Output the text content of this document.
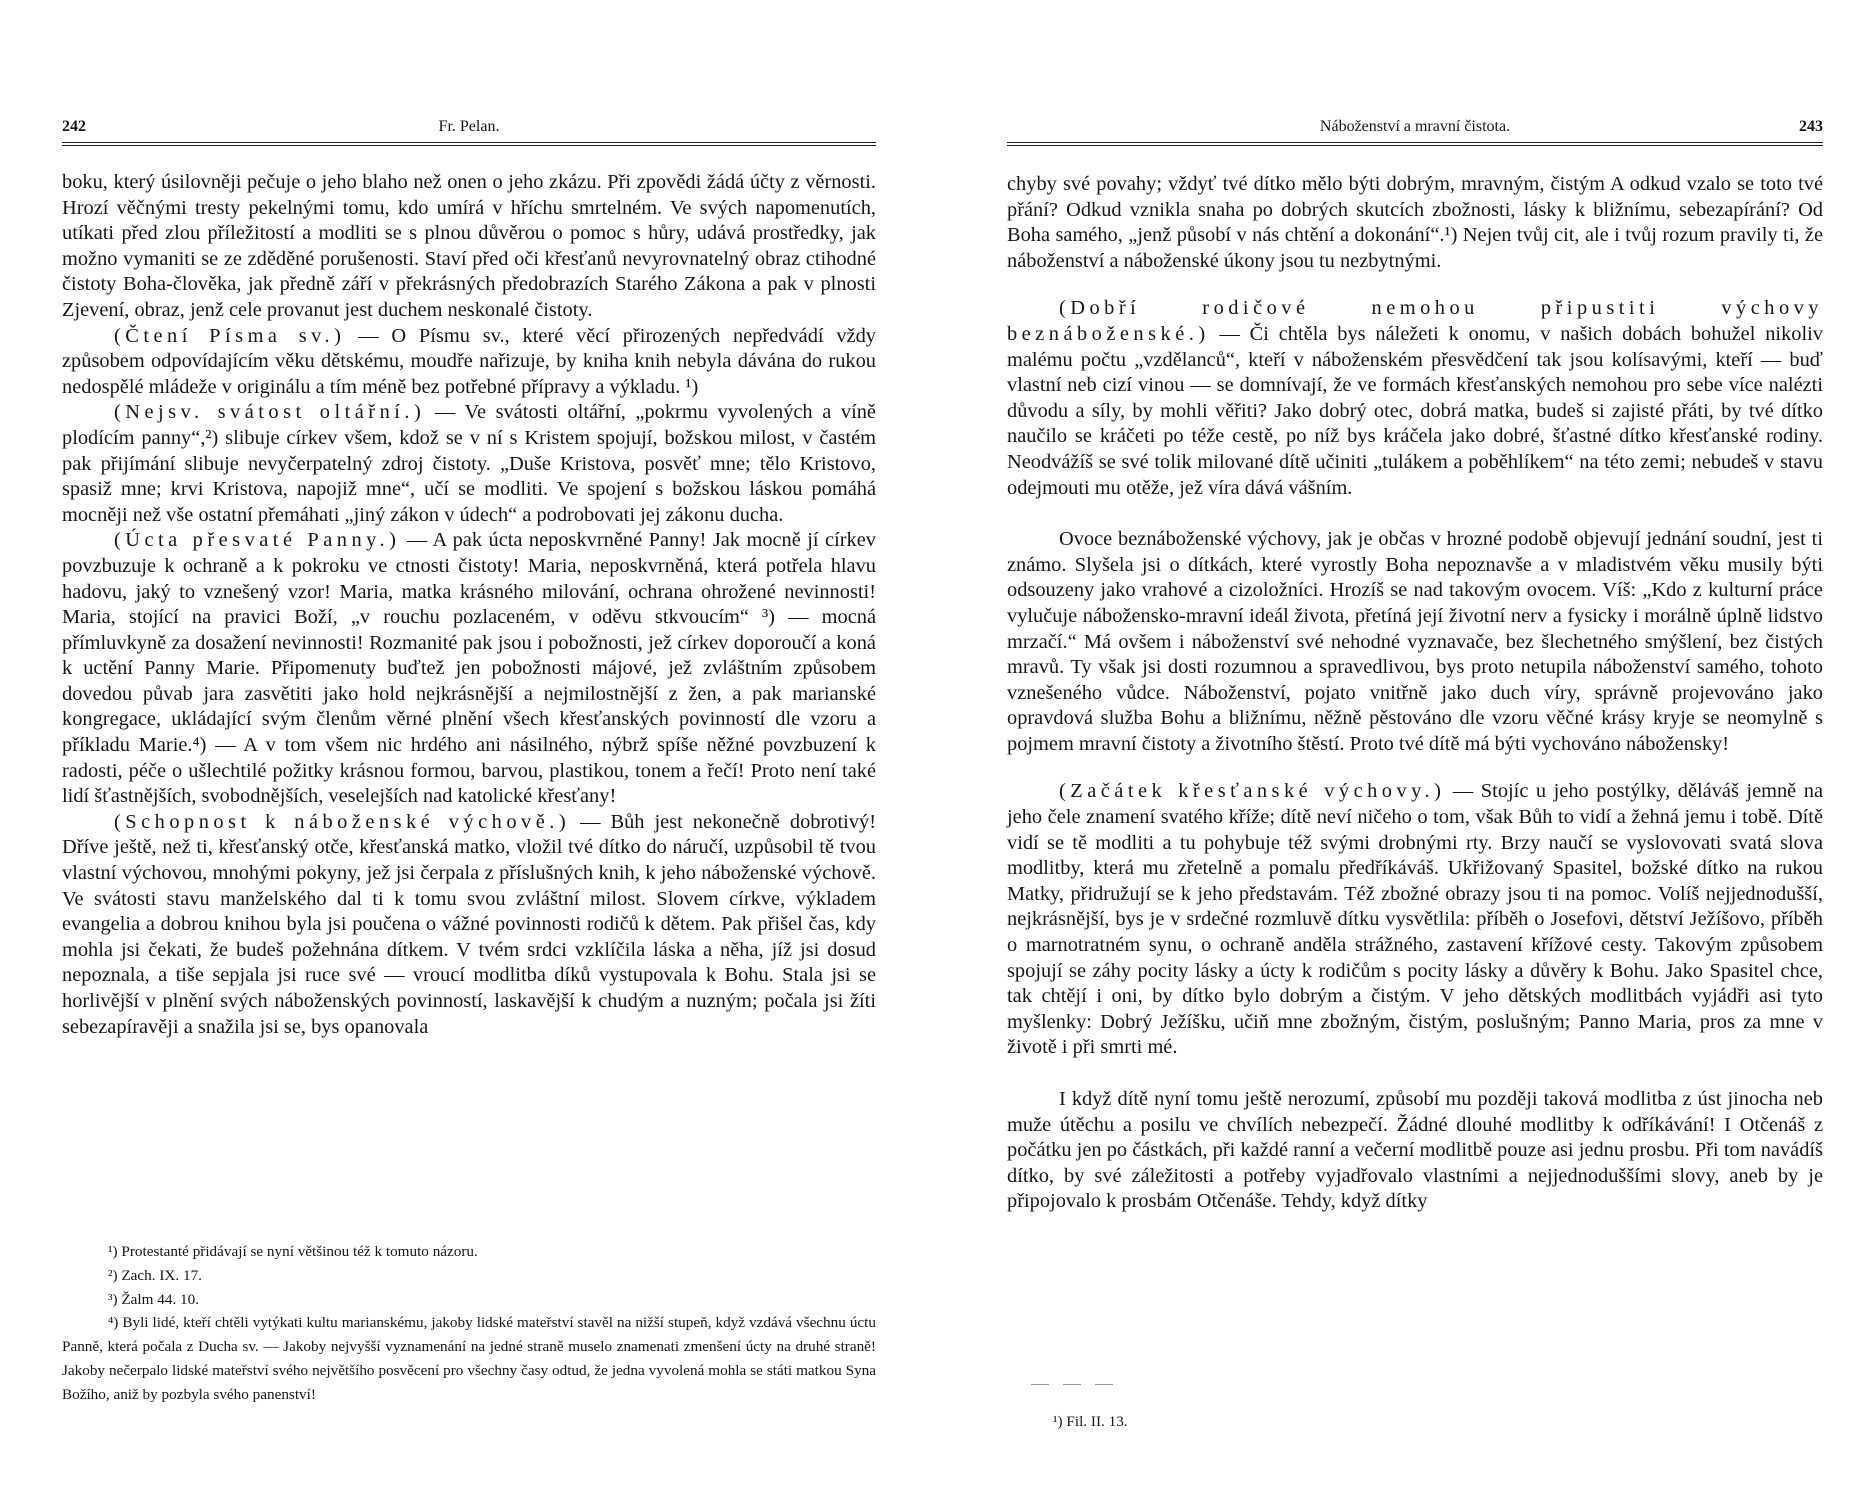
242	Fr. Pelan.

boku, který úsilovněji pečuje o jeho blaho než onen o jeho zkázu. Při zpovědi žádá účty z věrnosti. Hrozí věčnými tresty pekelnými tomu, kdo umírá v hříchu smrtelném. Ve svých napomenutích, utíkati před zlou příležitostí a modliti se s plnou důvěrou o pomoc s hůry, udává prostředky, jak možno vymaniti se ze zděděné porušenosti. Staví před oči křesťanů nevyrovnatelný obraz ctihodné čistoty Boha-člověka, jak předně září v překrásných předobrazích Starého Zákona a pak v plnosti Zjevení, obraz, jenž cele provanut jest duchem neskonalé čistoty.

(Čtení Písma sv.) — O Písmu sv., které věcí přirozených nepředvádí vždy způsobem odpovídajícím věku dětskému, moudře nařizuje, by kniha knih nebyla dávána do rukou nedospělé mládeže v originálu a tím méně bez potřebné přípravy a výkladu. ¹)

(Nejsv. svátost oltářní.) — Ve svátosti oltářní, „pokrmu vyvolených a víně plodícím panny“,²) slibuje církev všem, kdož se v ní s Kristem spojují, božskou milost, v častém pak přijímání slibuje nevyčerpatelný zdroj čistoty. „Duše Kristova, posvěť mne; tělo Kristovo, spasiž mne; krvi Kristova, napojiž mne“, učí se modliti. Ve spojení s božskou láskou pomáhá mocněji než vše ostatní přemáhati „jiný zákon v údech“ a podrobovati jej zákonu ducha.

(Úcta přesvaté Panny.) — A pak úcta neposkvrněné Panny! Jak mocně jí církev povzbuzuje k ochraně a k pokroku ve ctnosti čistoty! Maria, neposkvrněná, která potřela hlavu hadovu, jaký to vznešený vzor! Maria, matka krásného milování, ochrana ohrožené nevinnosti! Maria, stojící na pravici Boží, „v rouchu pozlaceném, v oděvu stkvoucím“ ³) — mocná přímluvkyně za dosažení nevinnosti! Rozmanité pak jsou i pobožnosti, jež církev doporoučí a koná k uctění Panny Marie. Připomenuty buďtež jen pobožnosti májové, jež zvláštním způsobem dovedou půvab jara zasvětiti jako hold nejkrásnější a nejmilostnější z žen, a pak marianské kongregace, ukládající svým členům věrné plnění všech křesťanských povinností dle vzoru a příkladu Marie.⁴) — A v tom všem nic hrdého ani násilného, nýbrž spíše něžné povzbuzení k radosti, péče o ušlechtilé požitky krásnou formou, barvou, plastikou, tonem a řečí! Proto není také lidí šťastnějších, svobodnějších, veselejších nad katolické křesťany!

(Schopnost k náboženské výchově.) — Bůh jest nekonečně dobrotivý! Dříve ještě, než ti, křesťanský otče, křesťanská matko, vložil tvé dítko do náručí, uzpůsobil tě tvou vlastní výchovou, mnohými pokyny, jež jsi čerpala z příslušných knih, k jeho náboženské výchově. Ve svátosti stavu manželského dal ti k tomu svou zvláštní milost. Slovem církve, výkladem evangelia a dobrou knihou byla jsi poučena o vážné povinnosti rodičů k dětem. Pak přišel čas, kdy mohla jsi čekati, že budeš požehnána dítkem. V tvém srdci vzklíčila láska a něha, jíž jsi dosud nepoznala, a tiše sepjala jsi ruce své — vroucí modlitba díků vystupovala k Bohu. Stala jsi se horlivější v plnění svých náboženských povinností, laskavější k chudým a nuzným; počala jsi žíti sebezapíravěji a snažila jsi se, bys opanovala

¹) Protestanté přidávají se nyní většinou též k tomuto názoru.

²) Zach. IX. 17.

³) Žalm 44. 10.

⁴) Byli lidé, kteří chtěli vytýkati kultu marianskému, jakoby lidské mateřství stavěl na nižší stupeň, když vzdává všechnu úctu Panně, která počala z Ducha sv. — Jakoby nejvyšší vyznamenání na jedné straně muselo znamenati zmenšení úcty na druhé straně! Jakoby nečerpalo lidské mateřství svého největšího posvěcení pro všechny časy odtud, že jedna vyvolená mohla se státi matkou Syna Božího, aniž by pozbyla svého panenství!

Náboženství a mravní čistota.	243

chyby své povahy; vždyť tvé dítko mělo býti dobrým, mravným, čistým A odkud vzalo se toto tvé přání? Odkud vznikla snaha po dobrých skutcích zbožnosti, lásky k bližnímu, sebezapírání? Od Boha samého, „jenž působí v nás chtění a dokonání“.¹) Nejen tvůj cit, ale i tvůj rozum pravily ti, že náboženství a náboženské úkony jsou tu nezbytnými.

(Dobří rodičové nemohou připustiti výchovy beznáboženské.) — Či chtěla bys náležeti k onomu, v našich dobách bohužel nikoliv malému počtu „vzdělanců“, kteří v náboženském přesvědčení tak jsou kolísavými, kteří — buď vlastní neb cizí vinou — se domnívají, že ve formách křesťanských nemohou pro sebe více nalézti důvodu a síly, by mohli věřiti? Jako dobrý otec, dobrá matka, budeš si zajisté přáti, by tvé dítko naučilo se kráčeti po téže cestě, po níž bys kráčela jako dobré, šťastné dítko křesťanské rodiny. Neodvážíš se své tolik milované dítě učiniti „tulákem a poběhlíkem“ na této zemi; nebudeš v stavu odejmouti mu otěže, jež víra dává vášním.

Ovoce beznáboženské výchovy, jak je občas v hrozné podobě objevují jednání soudní, jest ti známo. Slyšela jsi o dítkách, které vyrostly Boha nepoznavše a v mladistvém věku musily býti odsouzeny jako vrahové a cizoložníci. Hrozíš se nad takovým ovocem. Víš: „Kdo z kulturní práce vylučuje nábožensko-mravní ideál života, přetíná její životní nerv a fysicky i morálně úplně lidstvo mrzačí.“ Má ovšem i náboženství své nehodné vyznavače, bez šlechetného smýšlení, bez čistých mravů. Ty však jsi dosti rozumnou a spravedlivou, bys proto netupila náboženství samého, tohoto vznešeného vůdce. Náboženství, pojato vnitřně jako duch víry, správně projevováno jako opravdová služba Bohu a bližnímu, něžně pěstováno dle vzoru věčné krásy kryje se neomylně s pojmem mravní čistoty a životního štěstí. Proto tvé dítě má býti vychováno nábožensky!

(Začátek křesťanské výchovy.) — Stojíc u jeho postýlky, děláváš jemně na jeho čele znamení svatého kříže; dítě neví ničeho o tom, však Bůh to vidí a žehná jemu i tobě. Dítě vidí se tě modliti a tu pohybuje též svými drobnými rty. Brzy naučí se vyslovovati svatá slova modlitby, která mu zřetelně a pomalu předříkáváš. Ukřižovaný Spasitel, božské dítko na rukou Matky, přidružují se k jeho představám. Též zbožné obrazy jsou ti na pomoc. Volíš nejjednodušší, nejkrásnější, bys je v srdečné rozmluvě dítku vysvětlila: příběh o Josefovi, dětství Ježíšovo, příběh o marnotratném synu, o ochraně anděla strážného, zastavení křížové cesty. Takovým způsobem spojují se záhy pocity lásky a úcty k rodičům s pocity lásky a důvěry k Bohu. Jako Spasitel chce, tak chtějí i oni, by dítko bylo dobrým a čistým. V jeho dětských modlitbách vyjádři asi tyto myšlenky: Dobrý Ježíšku, učiň mne zbožným, čistým, poslušným; Panno Maria, pros za mne v životě i při smrti mé.

I když dítě nyní tomu ještě nerozumí, způsobí mu později taková modlitba z úst jinocha neb muže útěchu a posilu ve chvílích nebezpečí. Žádné dlouhé modlitby k odříkávání! I Otčenáš z počátku jen po částkách, při každé ranní a večerní modlitbě pouze asi jednu prosbu. Při tom navádíš dítko, by své záležitosti a potřeby vyjadřovalo vlastními a nejjednoduššími slovy, aneb by je připojovalo k prosbám Otčenáše. Tehdy, když dítky

¹) Fil. II. 13.
